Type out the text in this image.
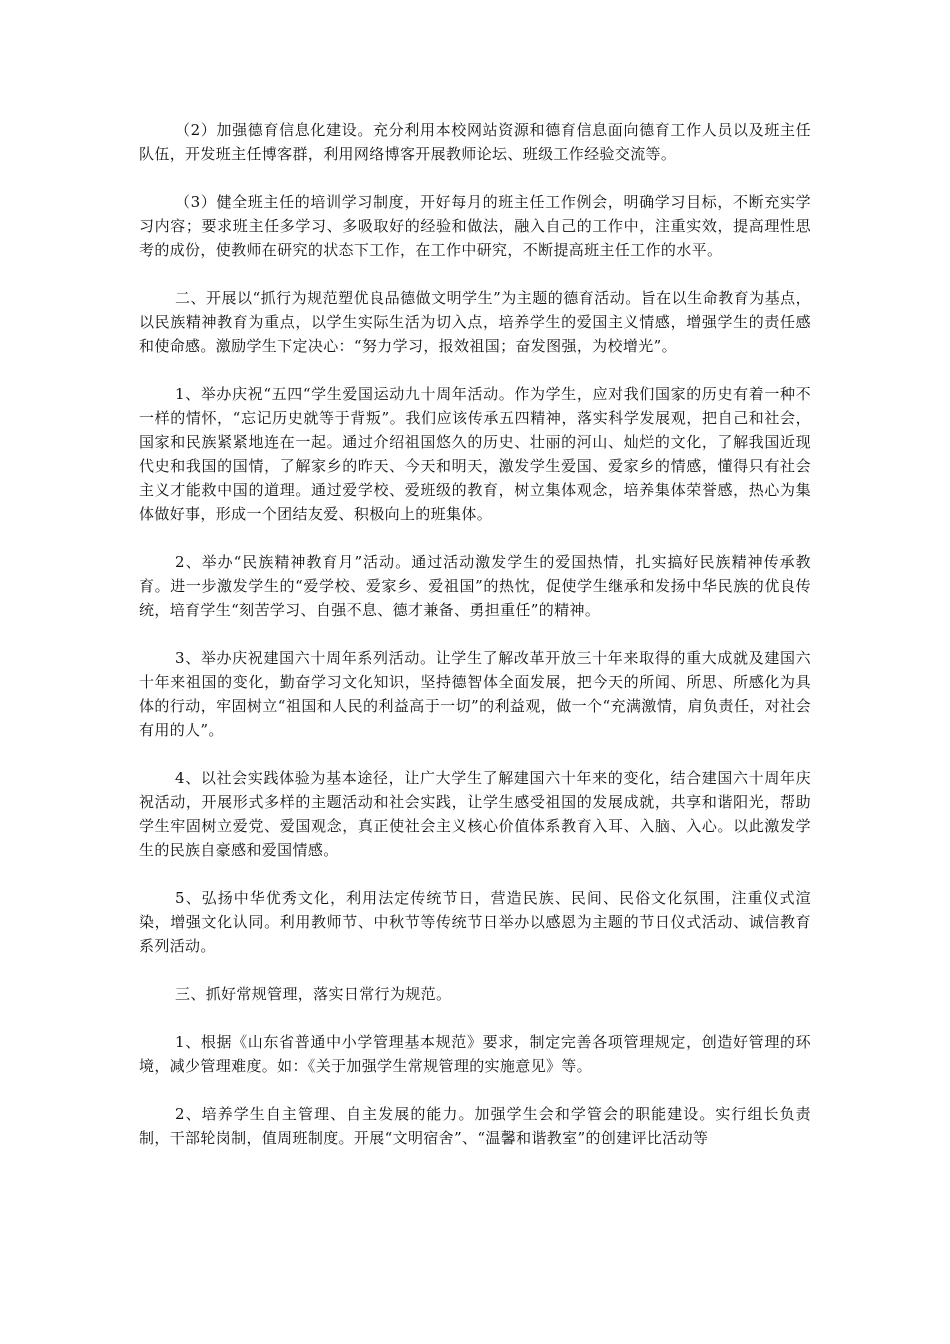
（2）加强德育信息化建设。充分利用本校网站资源和德育信息面向德育工作人员以及班主任队伍，开发班主任博客群，利用网络博客开展教师论坛、班级工作经验交流等。

（3）健全班主任的培训学习制度，开好每月的班主任工作例会，明确学习目标，不断充实学习内容；要求班主任多学习、多吸取好的经验和做法，融入自己的工作中，注重实效，提高理性思考的成份，使教师在研究的状态下工作，在工作中研究，不断提高班主任工作的水平。

二、开展以“抓行为规范塑优良品德做文明学生”为主题的德育活动。旨在以生命教育为基点，以民族精神教育为重点，以学生实际生活为切入点，培养学生的爱国主义情感，增强学生的责任感和使命感。激励学生下定决心：“努力学习，报效祖国；奋发图强，为校增光”。

1、举办庆祝“五四“学生爱国运动九十周年活动。作为学生，应对我们国家的历史有着一种不一样的情怀，“忘记历史就等于背叛”。我们应该传承五四精神，落实科学发展观，把自己和社会，国家和民族紧紧地连在一起。通过介绍祖国悠久的历史、壮丽的河山、灿烂的文化，了解我国近现代史和我国的国情，了解家乡的昨天、今天和明天，激发学生爱国、爱家乡的情感，懂得只有社会主义才能救中国的道理。通过爱学校、爱班级的教育，树立集体观念，培养集体荣誉感，热心为集体做好事，形成一个团结友爱、积极向上的班集体。

2、举办“民族精神教育月”活动。通过活动激发学生的爱国热情，扎实搞好民族精神传承教育。进一步激发学生的“爱学校、爱家乡、爱祖国”的热忱，促使学生继承和发扬中华民族的优良传统，培育学生“刻苦学习、自强不息、德才兼备、勇担重任”的精神。

3、举办庆祝建国六十周年系列活动。让学生了解改革开放三十年来取得的重大成就及建国六十年来祖国的变化，勤奋学习文化知识，坚持德智体全面发展，把今天的所闻、所思、所感化为具体的行动，牢固树立“祖国和人民的利益高于一切”的利益观，做一个“充满激情，肩负责任，对社会有用的人”。

4、以社会实践体验为基本途径，让广大学生了解建国六十年来的变化，结合建国六十周年庆祝活动，开展形式多样的主题活动和社会实践，让学生感受祖国的发展成就，共享和谐阳光，帮助学生牢固树立爱党、爱国观念，真正使社会主义核心价值体系教育入耳、入脑、入心。以此激发学生的民族自豪感和爱国情感。

5、弘扬中华优秀文化，利用法定传统节日，营造民族、民间、民俗文化氛围，注重仪式渲染，增强文化认同。利用教师节、中秋节等传统节日举办以感恩为主题的节日仪式活动、诚信教育系列活动。

三、抓好常规管理，落实日常行为规范。

1、根据《山东省普通中小学管理基本规范》要求，制定完善各项管理规定，创造好管理的环境，减少管理难度。如：《关于加强学生常规管理的实施意见》等。

2、培养学生自主管理、自主发展的能力。加强学生会和学管会的职能建设。实行组长负责制，干部轮岗制，值周班制度。开展“文明宿舍”、“温馨和谐教室”的创建评比活动等
